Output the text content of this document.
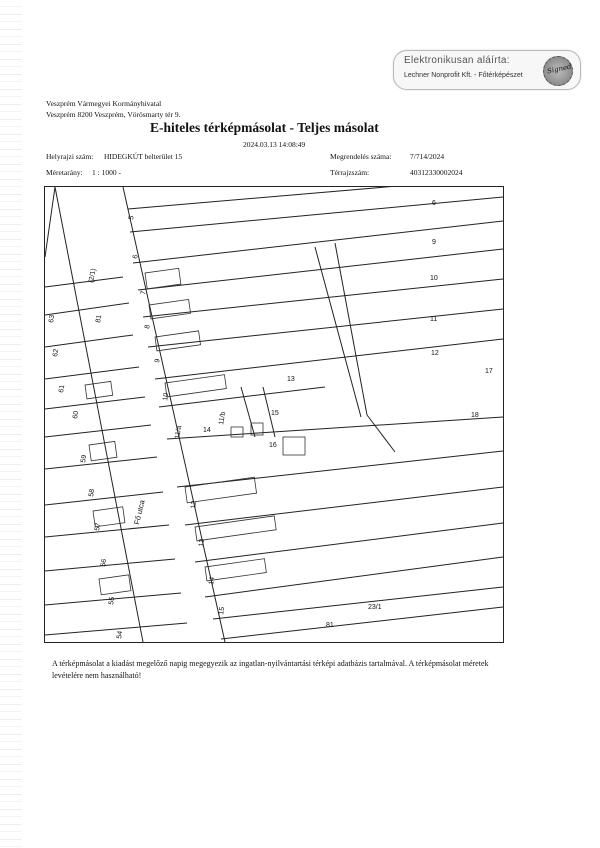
Elektronikusan aláírta:
Lechner Nonprofit Kft. - Főtérképészet
Signed
Veszprém Vármegyei Kormányhivatal
Veszprém 8200 Veszprém, Vörösmarty tér 9.
E-hiteles térképmásolat - Teljes másolat
2024.03.13 14:08:49
Helyrajzi szám: HIDEGKÚT belterület 15
Méretarány: 1 : 1000 -
Megrendelés száma: 7/714/2024
Térrajzszám:	40312330002024
6
9
10
11
12
17
18
13
15
16
14
11/b
11/a
5
6
7
8
9
10
12
13
14
15
(2/1)
81
63
62
61
60
59
58
57
56
55
54
Fő utca
23/1
81
A térképmásolat a kiadást megelőző napig megegyezik az ingatlan-nyilvántartási térképi adatbázis tartalmával. A térképmásolat méretek levételére nem használható!
